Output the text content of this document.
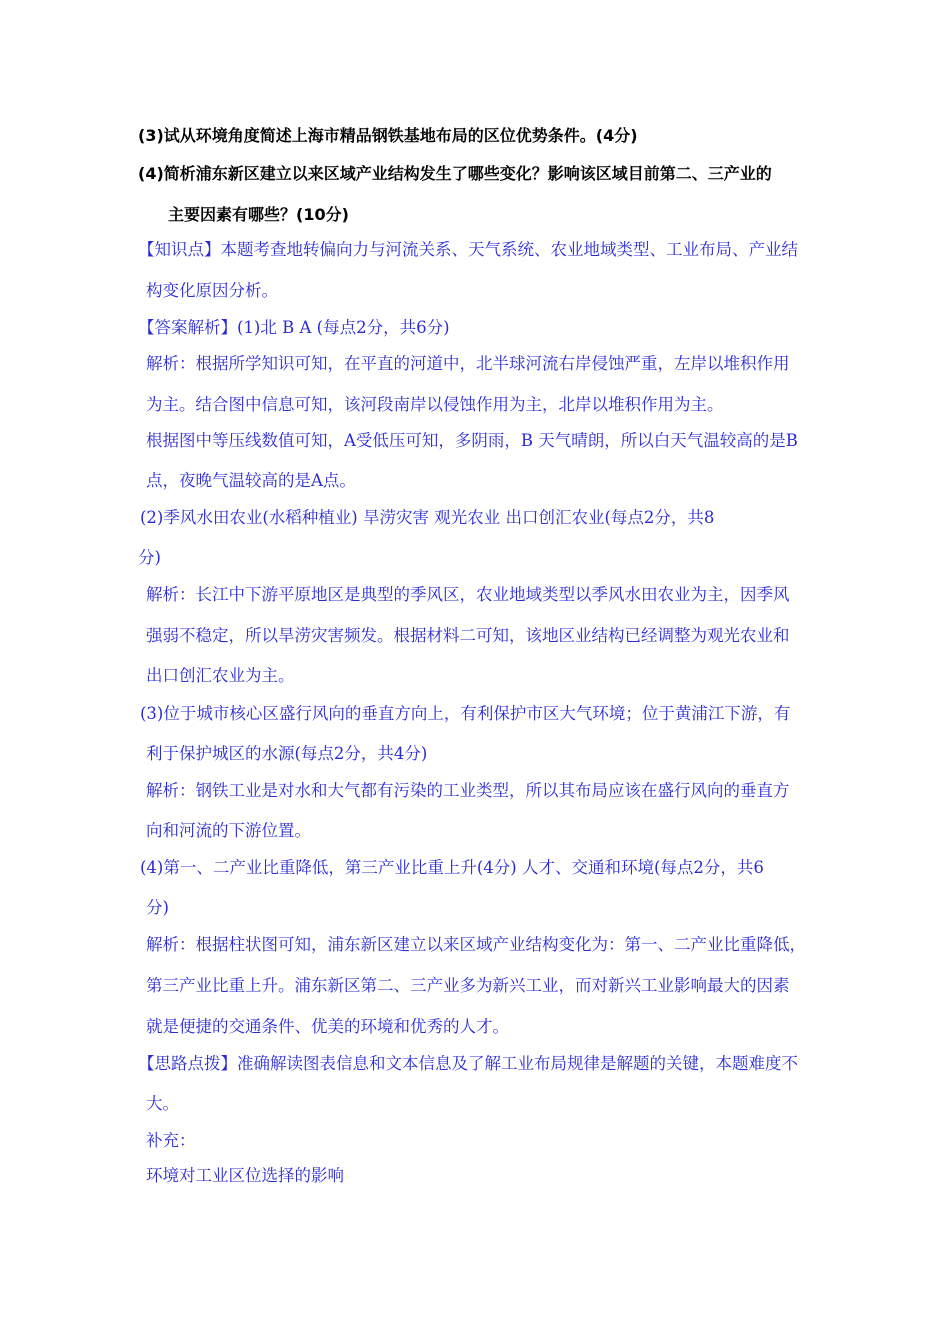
(3)试从环境角度简述上海市精品钢铁基地布局的区位优势条件。(4分)
(4)简析浦东新区建立以来区域产业结构发生了哪些变化？影响该区域目前第二、三产业的
主要因素有哪些？(10分)
【知识点】本题考查地转偏向力与河流关系、天气系统、农业地域类型、工业布局、产业结
构变化原因分析。
【答案解析】(1)北 B A (每点2分，共6分)
解析：根据所学知识可知，在平直的河道中，北半球河流右岸侵蚀严重，左岸以堆积作用
为主。结合图中信息可知，该河段南岸以侵蚀作用为主，北岸以堆积作用为主。
根据图中等压线数值可知，A受低压可知，多阴雨，B 天气晴朗，所以白天气温较高的是B
点，夜晚气温较高的是A点。
(2)季风水田农业(水稻种植业) 旱涝灾害 观光农业 出口创汇农业(每点2分，共8
分)
解析：长江中下游平原地区是典型的季风区，农业地域类型以季风水田农业为主，因季风
强弱不稳定，所以旱涝灾害频发。根据材料二可知，该地区业结构已经调整为观光农业和
出口创汇农业为主。
(3)位于城市核心区盛行风向的垂直方向上，有利保护市区大气环境；位于黄浦江下游，有
利于保护城区的水源(每点2分，共4分)
解析：钢铁工业是对水和大气都有污染的工业类型，所以其布局应该在盛行风向的垂直方
向和河流的下游位置。
(4)第一、二产业比重降低，第三产业比重上升(4分) 人才、交通和环境(每点2分，共6
分)
解析：根据柱状图可知，浦东新区建立以来区域产业结构变化为：第一、二产业比重降低，
第三产业比重上升。浦东新区第二、三产业多为新兴工业，而对新兴工业影响最大的因素
就是便捷的交通条件、优美的环境和优秀的人才。
【思路点拨】准确解读图表信息和文本信息及了解工业布局规律是解题的关键，本题难度不
大。
补充：
环境对工业区位选择的影响
